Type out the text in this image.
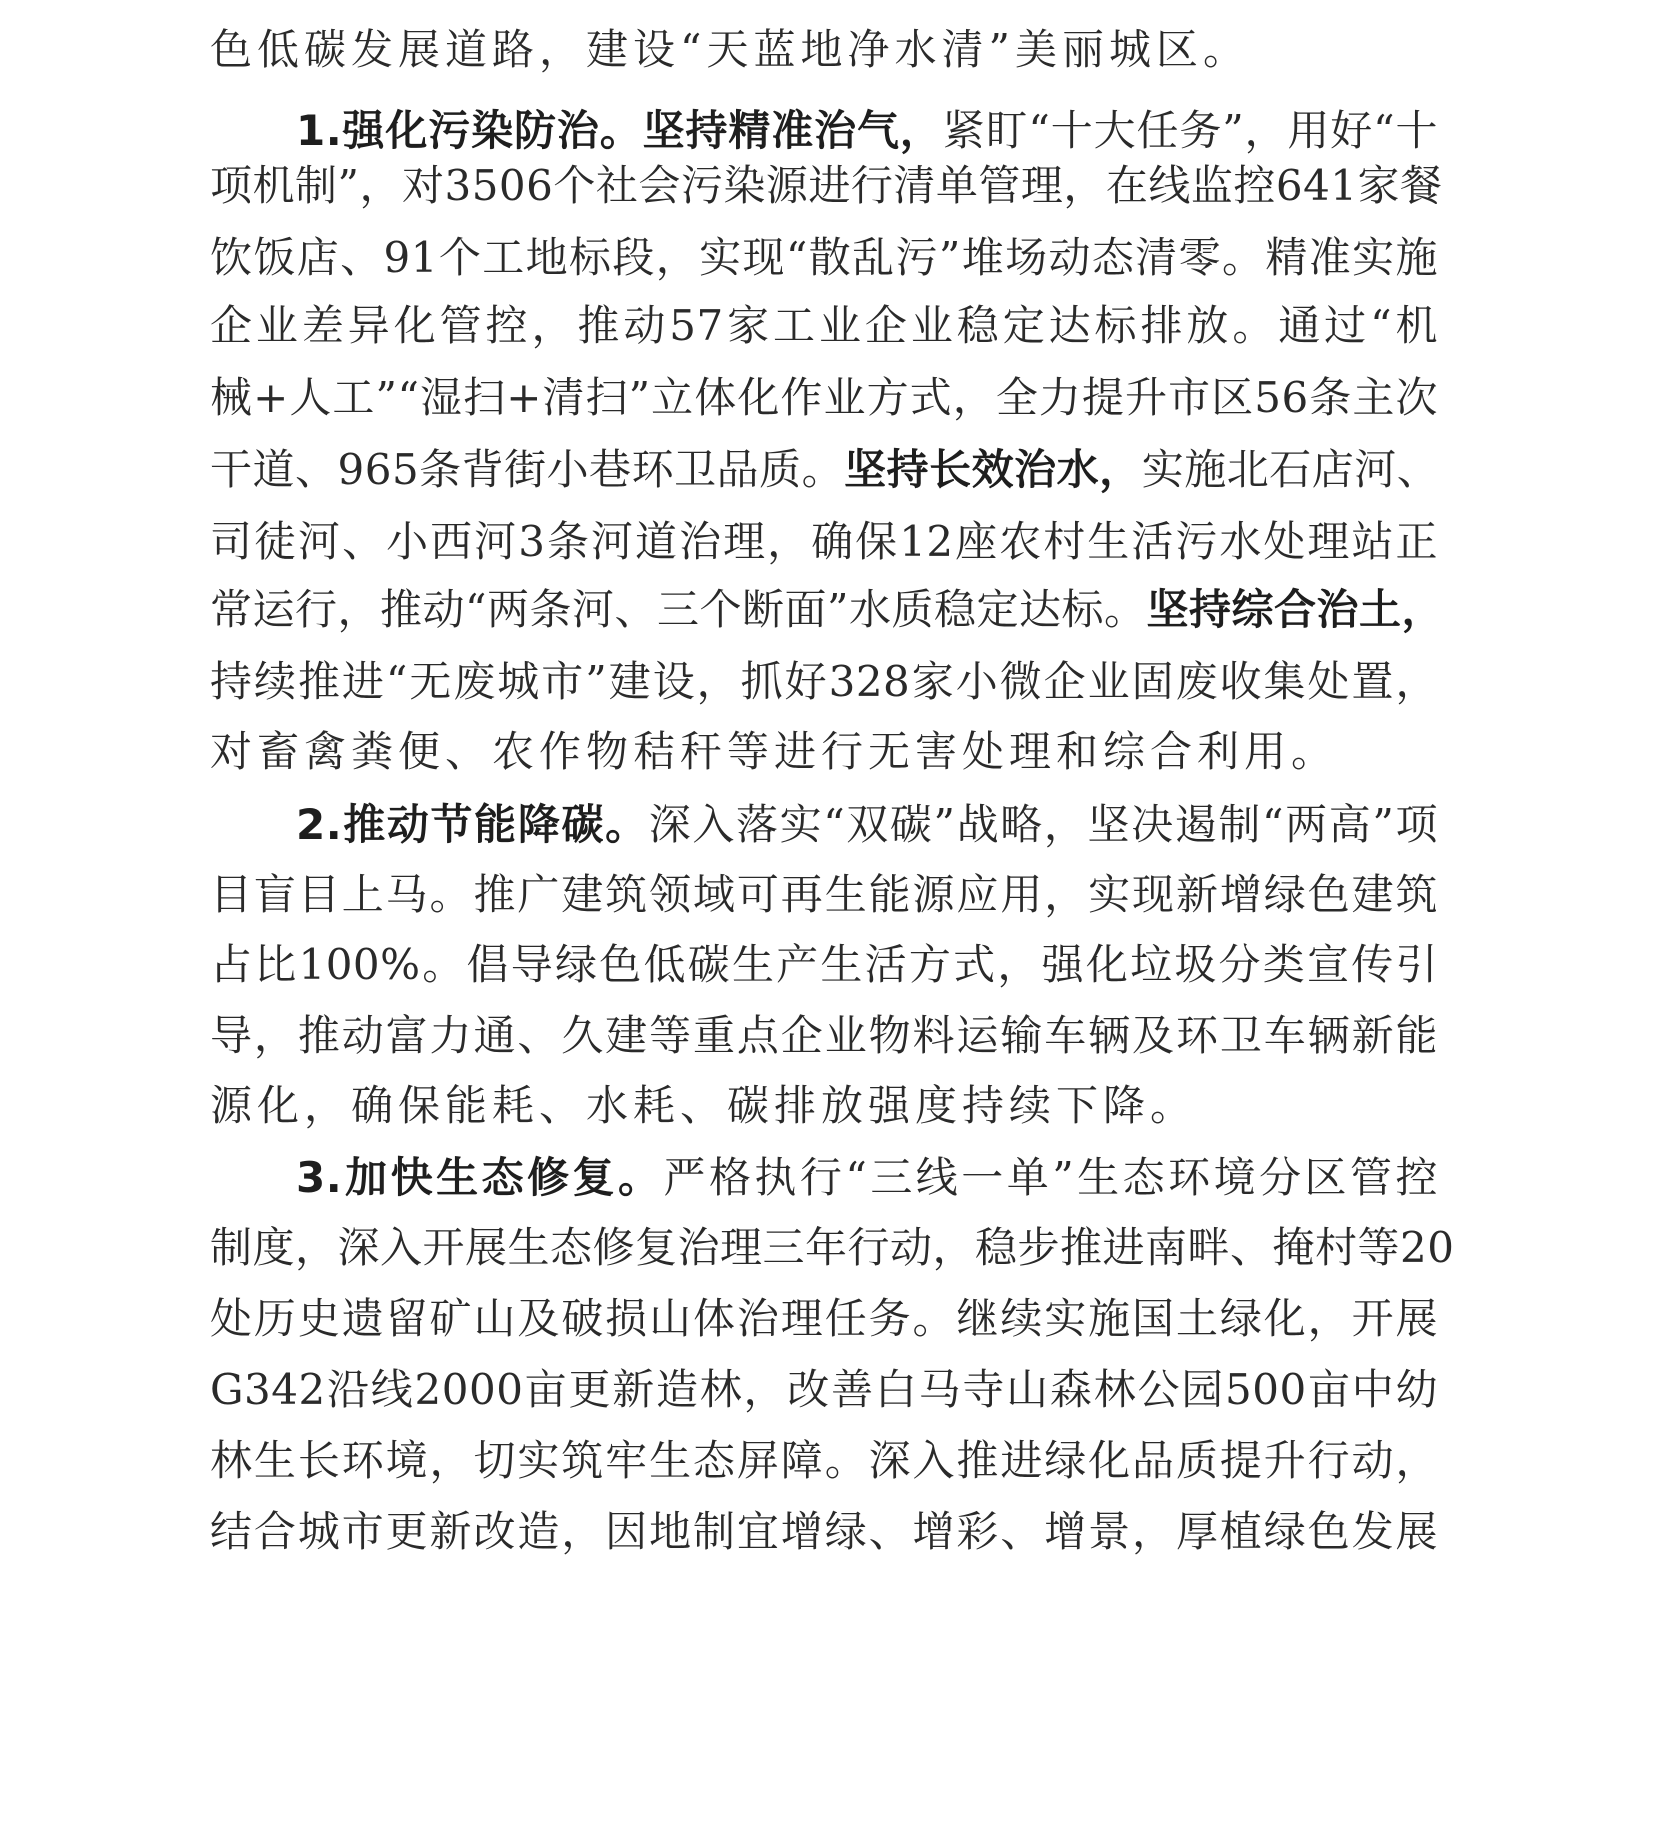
色低碳发展道路，建设“天蓝地净水清”美丽城区。
1.强化污染防治。坚持精准治气，紧盯“十大任务”，用好“十
项机制”，对3506个社会污染源进行清单管理，在线监控641家餐
饮饭店、91个工地标段，实现“散乱污”堆场动态清零。精准实施
企业差异化管控，推动57家工业企业稳定达标排放。通过“机
械+人工”“湿扫+清扫”立体化作业方式，全力提升市区56条主次
干道、965条背街小巷环卫品质。坚持长效治水，实施北石店河、
司徒河、小西河3条河道治理，确保12座农村生活污水处理站正
常运行，推动“两条河、三个断面”水质稳定达标。坚持综合治土，
持续推进“无废城市”建设，抓好328家小微企业固废收集处置，
对畜禽粪便、农作物秸秆等进行无害处理和综合利用。
2.推动节能降碳。深入落实“双碳”战略，坚决遏制“两高”项
目盲目上马。推广建筑领域可再生能源应用，实现新增绿色建筑
占比100%。倡导绿色低碳生产生活方式，强化垃圾分类宣传引
导，推动富力通、久建等重点企业物料运输车辆及环卫车辆新能
源化，确保能耗、水耗、碳排放强度持续下降。
3.加快生态修复。严格执行“三线一单”生态环境分区管控
制度，深入开展生态修复治理三年行动，稳步推进南畔、掩村等20
处历史遗留矿山及破损山体治理任务。继续实施国土绿化，开展
G342沿线2000亩更新造林，改善白马寺山森林公园500亩中幼
林生长环境，切实筑牢生态屏障。深入推进绿化品质提升行动，
结合城市更新改造，因地制宜增绿、增彩、增景，厚植绿色发展
